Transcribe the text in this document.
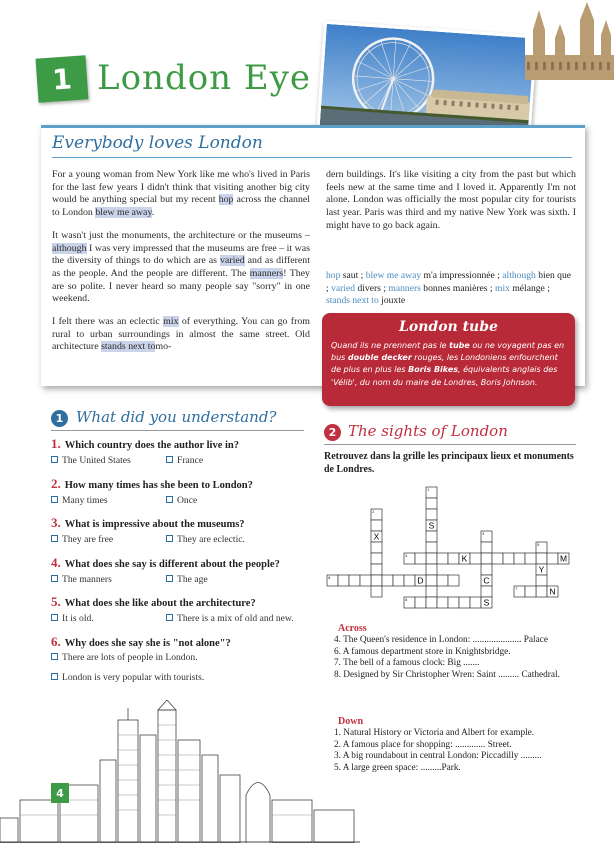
1 London Eye
Everybody loves London

For a young woman from New York like me who's lived in Paris for the last few years I didn't think that visiting another big city would be anything special but my recent hop across the channel to London blew me away.

It wasn't just the monuments, the architecture or the museums – although I was very impressed that the museums are free – it was the diversity of things to do which are as varied and as different as the people. And the people are different. The manners! They are so polite. I never heard so many people say "sorry" in one weekend.

I felt there was an eclectic mix of everything. You can go from rural to urban surroundings in almost the same street. Old architecture stands next tomo-

hop saut ; blew me away m'a impressionnée ; although bien que ; varied divers ; manners bonnes manières ; mix mélange ; stands next to jouxte

dern buildings. It's like visiting a city from the past but which feels new at the same time and I loved it. Apparently I'm not alone. London was officially the most popular city for tourists last year. Paris was third and my native New York was sixth. I might have to go back again.

London tube
Quand ils ne prennent pas le tube ou ne voyagent pas en bus double decker rouges, les Londoniens enfourchent de plus en plus les Boris Bikes, équivalents anglais des 'Vélib', du nom du maire de Londres, Boris Johnson.
1 What did you understand?
1. Which country does the author live in?
The United States	France
2. How many times has she been to London?
Many times	Once
3. What is impressive about the museums?
They are free	They are eclectic.
4. What does she say is different about the people?
The manners	The age
5. What does she like about the architecture?
It is old.	There is a mix of old and new.
6. Why does she say she is "not alone"?
There are lots of people in London.
London is very popular with tourists.
2 The sights of London
Retrouvez dans la grille les principaux lieux et monuments de Londres.
S
X
K	M
Y
D	C
N
S
1
2
3
4
5
6
7
8
Across
4. The Queen's residence in London: ..................... Palace
6. A famous department store in Knightsbridge.
7. The bell of a famous clock: Big .......
8. Designed by Sir Christopher Wren: Saint ......... Cathedral.
Down
1. Natural History or Victoria and Albert for example.
2. A famous place for shopping: ............. Street.
3. A big roundabout in central London: Piccadilly .........
5. A large green space: .........Park.
4
